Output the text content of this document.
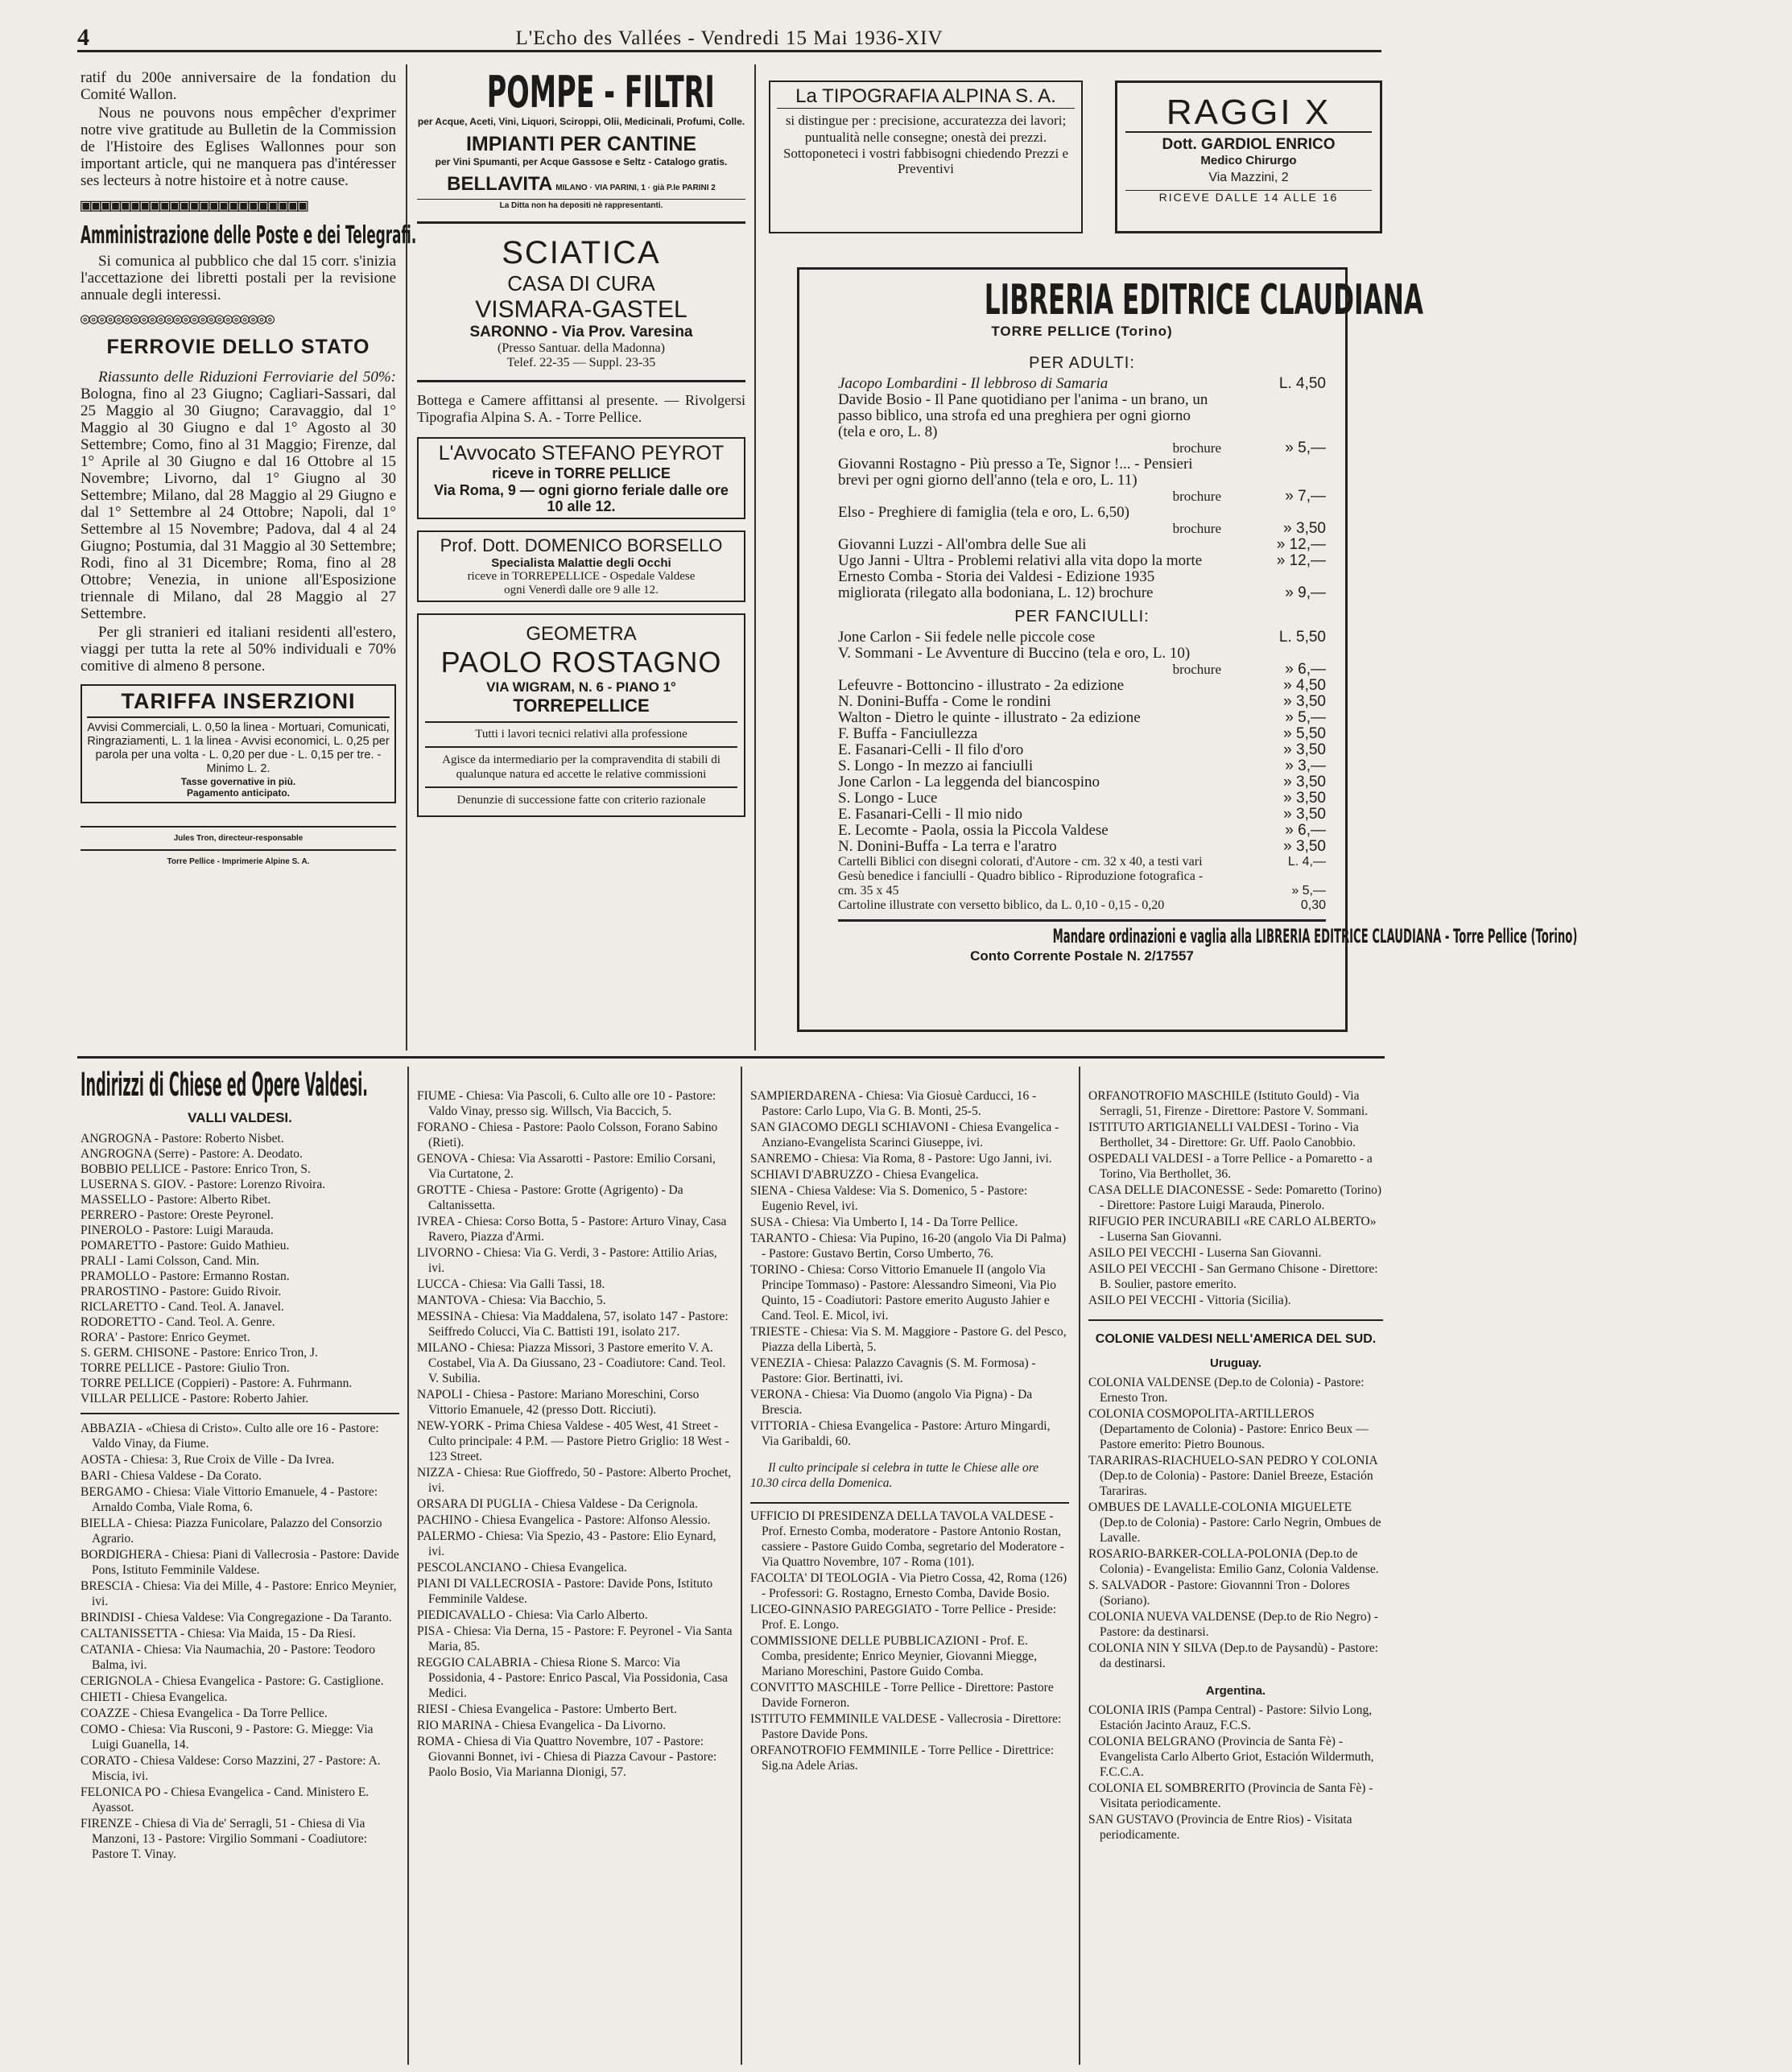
4	L'Echo des Vallées - Vendredi 15 Mai 1936-XIV

ratif du 200e anniversaire de la fondation du Comité Wallon.

Nous ne pouvons nous empêcher d'exprimer notre vive gratitude au Bulletin de la Commission de l'Histoire des Eglises Wallonnes pour son important article, qui ne manquera pas d'intéresser ses lecteurs à notre histoire et à notre cause.

▣▣▣▣▣▣▣▣▣▣▣▣▣▣▣▣▣▣▣▣▣▣▣
Amministrazione delle Poste e dei Telegrafi.

Si comunica al pubblico che dal 15 corr. s'inizia l'accettazione dei libretti postali per la revisione annuale degli interessi.

◎◎◎◎◎◎◎◎◎◎◎◎◎◎◎◎◎◎◎◎◎◎◎
FERROVIE DELLO STATO

Riassunto delle Riduzioni Ferroviarie del 50%: Bologna, fino al 23 Giugno; Cagliari-Sassari, dal 25 Maggio al 30 Giugno; Caravaggio, dal 1° Maggio al 30 Giugno e dal 1° Agosto al 30 Settembre; Como, fino al 31 Maggio; Firenze, dal 1° Aprile al 30 Giugno e dal 16 Ottobre al 15 Novembre; Livorno, dal 1° Giugno al 30 Settembre; Milano, dal 28 Maggio al 29 Giugno e dal 1° Settembre al 24 Ottobre; Napoli, dal 1° Settembre al 15 Novembre; Padova, dal 4 al 24 Giugno; Postumia, dal 31 Maggio al 30 Settembre; Rodi, fino al 31 Dicembre; Roma, fino al 28 Ottobre; Venezia, in unione all'Esposizione triennale di Milano, dal 28 Maggio al 27 Settembre.

Per gli stranieri ed italiani residenti all'estero, viaggi per tutta la rete al 50% individuali e 70% comitive di almeno 8 persone.

TARIFFA INSERZIONI
Avvisi Commerciali, L. 0,50 la linea - Mortuari, Comunicati, Ringraziamenti, L. 1 la linea - Avvisi economici, L. 0,25 per parola per una volta - L. 0,20 per due - L. 0,15 per tre. - Minimo L. 2.
Tasse governative in più.
Pagamento anticipato.
Jules Tron, directeur-responsable
Torre Pellice - Imprimerie Alpine S. A.
POMPE - FILTRI
per Acque, Aceti, Vini, Liquori, Sciroppi, Olii, Medicinali, Profumi, Colle.
IMPIANTI PER CANTINE
per Vini Spumanti, per Acque Gassose e Seltz - Catalogo gratis.
BELLAVITA MILANO · VIA PARINI, 1 · già P.le PARINI 2
La Ditta non ha depositi nè rappresentanti.
SCIATICA
CASA DI CURA
VISMARA-GASTEL
SARONNO - Via Prov. Varesina
(Presso Santuar. della Madonna)
Telef. 22-35 — Suppl. 23-35

Bottega e Camere affittansi al presente. — Rivolgersi Tipografia Alpina S. A. - Torre Pellice.

L'Avvocato STEFANO PEYROT
riceve in TORRE PELLICE
Via Roma, 9 — ogni giorno feriale dalle ore 10 alle 12.
Prof. Dott. DOMENICO BORSELLO
Specialista Malattie degli Occhi
riceve in TORREPELLICE - Ospedale Valdese
ogni Venerdì dalle ore 9 alle 12.
GEOMETRA
PAOLO ROSTAGNO
VIA WIGRAM, N. 6 - PIANO 1°
TORREPELLICE
Tutti i lavori tecnici relativi alla professione
Agisce da intermediario per la compravendita di stabili di qualunque natura ed accette le relative commissioni
Denunzie di successione fatte con criterio razionale
La TIPOGRAFIA ALPINA S. A.
si distingue per : precisione, accuratezza dei lavori; puntualità nelle consegne; onestà dei prezzi.
Sottoponeteci i vostri fabbisogni chiedendo Prezzi e Preventivi
RAGGI X
Dott. GARDIOL ENRICO
Medico Chirurgo
Via Mazzini, 2
RICEVE DALLE 14 ALLE 16
LIBRERIA EDITRICE CLAUDIANA
TORRE PELLICE (Torino)
PER ADULTI:
Jacopo Lombardini - Il lebbroso di Samaria	L. 4,50
Davide Bosio - Il Pane quotidiano per l'anima - un brano, un passo biblico, una strofa ed una preghiera per ogni giorno (tela e oro, L. 8)
brochure	» 5,—
Giovanni Rostagno - Più presso a Te, Signor !... - Pensieri brevi per ogni giorno dell'anno (tela e oro, L. 11)
brochure	» 7,—
Elso - Preghiere di famiglia (tela e oro, L. 6,50)
brochure	» 3,50
Giovanni Luzzi - All'ombra delle Sue ali	» 12,—
Ugo Janni - Ultra - Problemi relativi alla vita dopo la morte	» 12,—
Ernesto Comba - Storia dei Valdesi - Edizione 1935 migliorata (rilegato alla bodoniana, L. 12) brochure	» 9,—
PER FANCIULLI:
Jone Carlon - Sii fedele nelle piccole cose	L. 5,50
V. Sommani - Le Avventure di Buccino (tela e oro, L. 10)
brochure	» 6,—
Lefeuvre - Bottoncino - illustrato - 2a edizione	» 4,50
N. Donini-Buffa - Come le rondini	» 3,50
Walton - Dietro le quinte - illustrato - 2a edizione	» 5,—
F. Buffa - Fanciullezza	» 5,50
E. Fasanari-Celli - Il filo d'oro	» 3,50
S. Longo - In mezzo ai fanciulli	» 3,—
Jone Carlon - La leggenda del biancospino	» 3,50
S. Longo - Luce	» 3,50
E. Fasanari-Celli - Il mio nido	» 3,50
E. Lecomte - Paola, ossia la Piccola Valdese	» 6,—
N. Donini-Buffa - La terra e l'aratro	» 3,50
Cartelli Biblici con disegni colorati, d'Autore - cm. 32 x 40, a testi vari	L. 4,—
Gesù benedice i fanciulli - Quadro biblico - Riproduzione fotografica - cm. 35 x 45	» 5,—
Cartoline illustrate con versetto biblico, da L. 0,10 - 0,15 - 0,20	0,30
Mandare ordinazioni e vaglia alla LIBRERIA EDITRICE CLAUDIANA - Torre Pellice (Torino)
Conto Corrente Postale N. 2/17557
Indirizzi di Chiese ed Opere Valdesi.
VALLI VALDESI.

ANGROGNA - Pastore: Roberto Nisbet.

ANGROGNA (Serre) - Pastore: A. Deodato.

BOBBIO PELLICE - Pastore: Enrico Tron, S.

LUSERNA S. GIOV. - Pastore: Lorenzo Rivoira.

MASSELLO - Pastore: Alberto Ribet.

PERRERO - Pastore: Oreste Peyronel.

PINEROLO - Pastore: Luigi Marauda.

POMARETTO - Pastore: Guido Mathieu.

PRALI - Lami Colsson, Cand. Min.

PRAMOLLO - Pastore: Ermanno Rostan.

PRAROSTINO - Pastore: Guido Rivoir.

RICLARETTO - Cand. Teol. A. Janavel.

RODORETTO - Cand. Teol. A. Genre.

RORA' - Pastore: Enrico Geymet.

S. GERM. CHISONE - Pastore: Enrico Tron, J.

TORRE PELLICE - Pastore: Giulio Tron.

TORRE PELLICE (Coppieri) - Pastore: A. Fuhrmann.

VILLAR PELLICE - Pastore: Roberto Jahier.

ABBAZIA - «Chiesa di Cristo». Culto alle ore 16 - Pastore: Valdo Vinay, da Fiume.

AOSTA - Chiesa: 3, Rue Croix de Ville - Da Ivrea.

BARI - Chiesa Valdese - Da Corato.

BERGAMO - Chiesa: Viale Vittorio Emanuele, 4 - Pastore: Arnaldo Comba, Viale Roma, 6.

BIELLA - Chiesa: Piazza Funicolare, Palazzo del Consorzio Agrario.

BORDIGHERA - Chiesa: Piani di Vallecrosia - Pastore: Davide Pons, Istituto Femminile Valdese.

BRESCIA - Chiesa: Via dei Mille, 4 - Pastore: Enrico Meynier, ivi.

BRINDISI - Chiesa Valdese: Via Congregazione - Da Taranto.

CALTANISSETTA - Chiesa: Via Maida, 15 - Da Riesi.

CATANIA - Chiesa: Via Naumachia, 20 - Pastore: Teodoro Balma, ivi.

CERIGNOLA - Chiesa Evangelica - Pastore: G. Castiglione.

CHIETI - Chiesa Evangelica.

COAZZE - Chiesa Evangelica - Da Torre Pellice.

COMO - Chiesa: Via Rusconi, 9 - Pastore: G. Miegge: Via Luigi Guanella, 14.

CORATO - Chiesa Valdese: Corso Mazzini, 27 - Pastore: A. Miscia, ivi.

FELONICA PO - Chiesa Evangelica - Cand. Ministero E. Ayassot.

FIRENZE - Chiesa di Via de' Serragli, 51 - Chiesa di Via Manzoni, 13 - Pastore: Virgilio Sommani - Coadiutore: Pastore T. Vinay.

FIUME - Chiesa: Via Pascoli, 6. Culto alle ore 10 - Pastore: Valdo Vinay, presso sig. Willsch, Via Baccich, 5.

FORANO - Chiesa - Pastore: Paolo Colsson, Forano Sabino (Rieti).

GENOVA - Chiesa: Via Assarotti - Pastore: Emilio Corsani, Via Curtatone, 2.

GROTTE - Chiesa - Pastore: Grotte (Agrigento) - Da Caltanissetta.

IVREA - Chiesa: Corso Botta, 5 - Pastore: Arturo Vinay, Casa Ravero, Piazza d'Armi.

LIVORNO - Chiesa: Via G. Verdi, 3 - Pastore: Attilio Arias, ivi.

LUCCA - Chiesa: Via Galli Tassi, 18.

MANTOVA - Chiesa: Via Bacchio, 5.

MESSINA - Chiesa: Via Maddalena, 57, isolato 147 - Pastore: Seiffredo Colucci, Via C. Battisti 191, isolato 217.

MILANO - Chiesa: Piazza Missori, 3 Pastore emerito V. A. Costabel, Via A. Da Giussano, 23 - Coadiutore: Cand. Teol. V. Subilia.

NAPOLI - Chiesa - Pastore: Mariano Moreschini, Corso Vittorio Emanuele, 42 (presso Dott. Ricciuti).

NEW-YORK - Prima Chiesa Valdese - 405 West, 41 Street - Culto principale: 4 P.M. — Pastore Pietro Griglio: 18 West - 123 Street.

NIZZA - Chiesa: Rue Gioffredo, 50 - Pastore: Alberto Prochet, ivi.

ORSARA DI PUGLIA - Chiesa Valdese - Da Cerignola.

PACHINO - Chiesa Evangelica - Pastore: Alfonso Alessio.

PALERMO - Chiesa: Via Spezio, 43 - Pastore: Elio Eynard, ivi.

PESCOLANCIANO - Chiesa Evangelica.

PIANI DI VALLECROSIA - Pastore: Davide Pons, Istituto Femminile Valdese.

PIEDICAVALLO - Chiesa: Via Carlo Alberto.

PISA - Chiesa: Via Derna, 15 - Pastore: F. Peyronel - Via Santa Maria, 85.

REGGIO CALABRIA - Chiesa Rione S. Marco: Via Possidonia, 4 - Pastore: Enrico Pascal, Via Possidonia, Casa Medici.

RIESI - Chiesa Evangelica - Pastore: Umberto Bert.

RIO MARINA - Chiesa Evangelica - Da Livorno.

ROMA - Chiesa di Via Quattro Novembre, 107 - Pastore: Giovanni Bonnet, ivi - Chiesa di Piazza Cavour - Pastore: Paolo Bosio, Via Marianna Dionigi, 57.

SAMPIERDARENA - Chiesa: Via Giosuè Carducci, 16 - Pastore: Carlo Lupo, Via G. B. Monti, 25-5.

SAN GIACOMO DEGLI SCHIAVONI - Chiesa Evangelica - Anziano-Evangelista Scarinci Giuseppe, ivi.

SANREMO - Chiesa: Via Roma, 8 - Pastore: Ugo Janni, ivi.

SCHIAVI D'ABRUZZO - Chiesa Evangelica.

SIENA - Chiesa Valdese: Via S. Domenico, 5 - Pastore: Eugenio Revel, ivi.

SUSA - Chiesa: Via Umberto I, 14 - Da Torre Pellice.

TARANTO - Chiesa: Via Pupino, 16-20 (angolo Via Di Palma) - Pastore: Gustavo Bertin, Corso Umberto, 76.

TORINO - Chiesa: Corso Vittorio Emanuele II (angolo Via Principe Tommaso) - Pastore: Alessandro Simeoni, Via Pio Quinto, 15 - Coadiutori: Pastore emerito Augusto Jahier e Cand. Teol. E. Micol, ivi.

TRIESTE - Chiesa: Via S. M. Maggiore - Pastore G. del Pesco, Piazza della Libertà, 5.

VENEZIA - Chiesa: Palazzo Cavagnis (S. M. Formosa) - Pastore: Gior. Bertinatti, ivi.

VERONA - Chiesa: Via Duomo (angolo Via Pigna) - Da Brescia.

VITTORIA - Chiesa Evangelica - Pastore: Arturo Mingardi, Via Garibaldi, 60.

Il culto principale si celebra in tutte le Chiese alle ore 10.30 circa della Domenica.

UFFICIO DI PRESIDENZA DELLA TAVOLA VALDESE - Prof. Ernesto Comba, moderatore - Pastore Antonio Rostan, cassiere - Pastore Guido Comba, segretario del Moderatore - Via Quattro Novembre, 107 - Roma (101).

FACOLTA' DI TEOLOGIA - Via Pietro Cossa, 42, Roma (126) - Professori: G. Rostagno, Ernesto Comba, Davide Bosio.

LICEO-GINNASIO PAREGGIATO - Torre Pellice - Preside: Prof. E. Longo.

COMMISSIONE DELLE PUBBLICAZIONI - Prof. E. Comba, presidente; Enrico Meynier, Giovanni Miegge, Mariano Moreschini, Pastore Guido Comba.

CONVITTO MASCHILE - Torre Pellice - Direttore: Pastore Davide Forneron.

ISTITUTO FEMMINILE VALDESE - Vallecrosia - Direttore: Pastore Davide Pons.

ORFANOTROFIO FEMMINILE - Torre Pellice - Direttrice: Sig.na Adele Arias.

ORFANOTROFIO MASCHILE (Istituto Gould) - Via Serragli, 51, Firenze - Direttore: Pastore V. Sommani.

ISTITUTO ARTIGIANELLI VALDESI - Torino - Via Berthollet, 34 - Direttore: Gr. Uff. Paolo Canobbio.

OSPEDALI VALDESI - a Torre Pellice - a Pomaretto - a Torino, Via Berthollet, 36.

CASA DELLE DIACONESSE - Sede: Pomaretto (Torino) - Direttore: Pastore Luigi Marauda, Pinerolo.

RIFUGIO PER INCURABILI «RE CARLO ALBERTO» - Luserna San Giovanni.

ASILO PEI VECCHI - Luserna San Giovanni.

ASILO PEI VECCHI - San Germano Chisone - Direttore: B. Soulier, pastore emerito.

ASILO PEI VECCHI - Vittoria (Sicilia).

COLONIE VALDESI NELL'AMERICA DEL SUD.
Uruguay.

COLONIA VALDENSE (Dep.to de Colonia) - Pastore: Ernesto Tron.

COLONIA COSMOPOLITA-ARTILLEROS (Departamento de Colonia) - Pastore: Enrico Beux — Pastore emerito: Pietro Bounous.

TARARIRAS-RIACHUELO-SAN PEDRO Y COLONIA (Dep.to de Colonia) - Pastore: Daniel Breeze, Estación Tarariras.

OMBUES DE LAVALLE-COLONIA MIGUELETE (Dep.to de Colonia) - Pastore: Carlo Negrin, Ombues de Lavalle.

ROSARIO-BARKER-COLLA-POLONIA (Dep.to de Colonia) - Evangelista: Emilio Ganz, Colonia Valdense.

S. SALVADOR - Pastore: Giovannni Tron - Dolores (Soriano).

COLONIA NUEVA VALDENSE (Dep.to de Rio Negro) - Pastore: da destinarsi.

COLONIA NIN Y SILVA (Dep.to de Paysandù) - Pastore: da destinarsi.

Argentina.

COLONIA IRIS (Pampa Central) - Pastore: Silvio Long, Estación Jacinto Arauz, F.C.S.

COLONIA BELGRANO (Provincia de Santa Fè) - Evangelista Carlo Alberto Griot, Estación Wildermuth, F.C.C.A.

COLONIA EL SOMBRERITO (Provincia de Santa Fè) - Visitata periodicamente.

SAN GUSTAVO (Provincia de Entre Rios) - Visitata periodicamente.
